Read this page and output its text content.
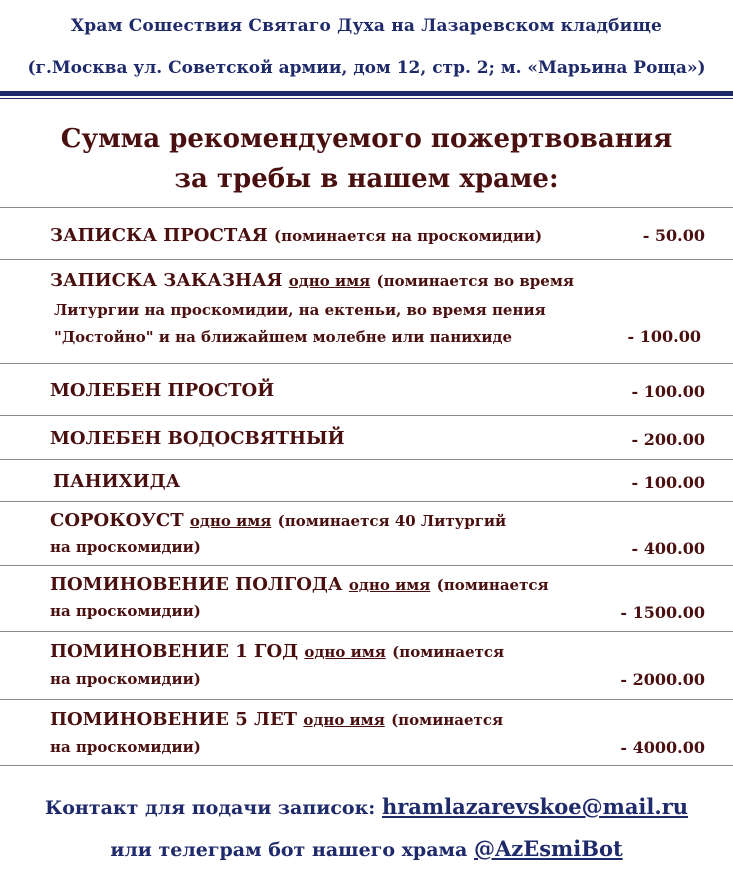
Храм Сошествия Святаго Духа на Лазаревском кладбище
(г.Москва ул. Советской армии, дом 12, стр. 2; м. «Марьина Роща»)
Сумма рекомендуемого пожертвования
за требы в нашем храме:
ЗАПИСКА ПРОСТАЯ (поминается на проскомидии)	- 50.00
ЗАПИСКА ЗАКАЗНАЯ одно имя (поминается во время
Литургии на проскомидии, на ектеньи, во время пения
"Достойно" и на ближайшем молебне или панихиде	- 100.00
МОЛЕБЕН ПРОСТОЙ	- 100.00
МОЛЕБЕН ВОДОСВЯТНЫЙ	- 200.00
ПАНИХИДА	- 100.00
СОРОКОУСТ одно имя (поминается 40 Литургий
на проскомидии)	- 400.00
ПОМИНОВЕНИЕ ПОЛГОДА одно имя (поминается
на проскомидии)	- 1500.00
ПОМИНОВЕНИЕ 1 ГОД одно имя (поминается
на проскомидии)	- 2000.00
ПОМИНОВЕНИЕ 5 ЛЕТ одно имя (поминается
на проскомидии)	- 4000.00
Контакт для подачи записок: hramlazarevskoe@mail.ru
или телеграм бот нашего храма @AzEsmiBot
